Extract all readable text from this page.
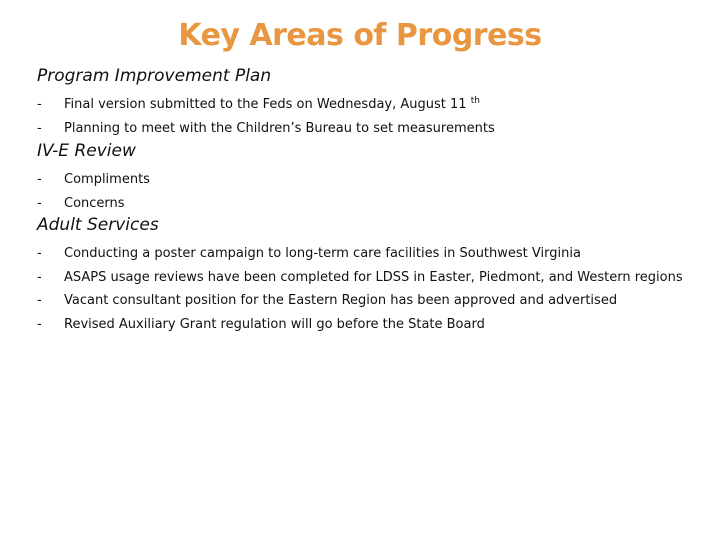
Key Areas of Progress

Program Improvement Plan

- Final version submitted to the Feds on Wednesday, August 11 $^{th}$
- Planning to meet with the Children’s Bureau to set measurements

IV-E Review

- Compliments
- Concerns

Adult Services

- Conducting a poster campaign to long-term care facilities in Southwest Virginia
- ASAPS usage reviews have been completed for LDSS in Easter, Piedmont, and Western regions
- Vacant consultant position for the Eastern Region has been approved and advertised
- Revised Auxiliary Grant regulation will go before the State Board
